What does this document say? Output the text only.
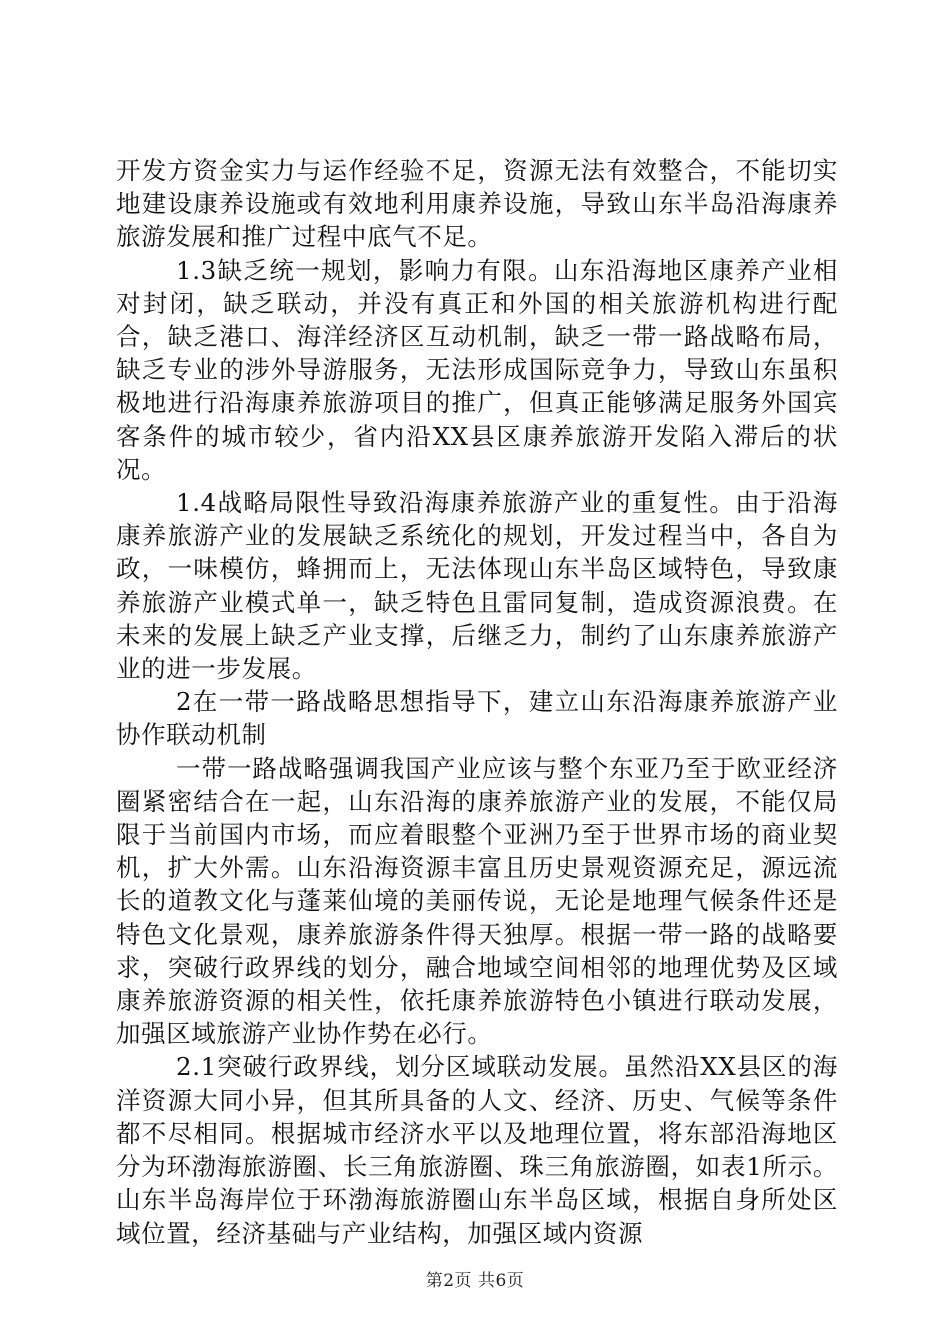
开发方资金实力与运作经验不足，资源无法有效整合，不能切实地建设康养设施或有效地利用康养设施，导致山东半岛沿海康养旅游发展和推广过程中底气不足。

1.3缺乏统一规划，影响力有限。山东沿海地区康养产业相对封闭，缺乏联动，并没有真正和外国的相关旅游机构进行配合，缺乏港口、海洋经济区互动机制，缺乏一带一路战略布局，缺乏专业的涉外导游服务，无法形成国际竞争力，导致山东虽积极地进行沿海康养旅游项目的推广，但真正能够满足服务外国宾客条件的城市较少，省内沿XX县区康养旅游开发陷入滞后的状况。

1.4战略局限性导致沿海康养旅游产业的重复性。由于沿海康养旅游产业的发展缺乏系统化的规划，开发过程当中，各自为政，一味模仿，蜂拥而上，无法体现山东半岛区域特色，导致康养旅游产业模式单一，缺乏特色且雷同复制，造成资源浪费。在未来的发展上缺乏产业支撑，后继乏力，制约了山东康养旅游产业的进一步发展。

2在一带一路战略思想指导下，建立山东沿海康养旅游产业协作联动机制

一带一路战略强调我国产业应该与整个东亚乃至于欧亚经济圈紧密结合在一起，山东沿海的康养旅游产业的发展，不能仅局限于当前国内市场，而应着眼整个亚洲乃至于世界市场的商业契机，扩大外需。山东沿海资源丰富且历史景观资源充足，源远流长的道教文化与蓬莱仙境的美丽传说，无论是地理气候条件还是特色文化景观，康养旅游条件得天独厚。根据一带一路的战略要求，突破行政界线的划分，融合地域空间相邻的地理优势及区域康养旅游资源的相关性，依托康养旅游特色小镇进行联动发展，加强区域旅游产业协作势在必行。

2.1突破行政界线，划分区域联动发展。虽然沿XX县区的海洋资源大同小异，但其所具备的人文、经济、历史、气候等条件都不尽相同。根据城市经济水平以及地理位置，将东部沿海地区分为环渤海旅游圈、长三角旅游圈、珠三角旅游圈，如表1所示。山东半岛海岸位于环渤海旅游圈山东半岛区域，根据自身所处区域位置，经济基础与产业结构，加强区域内资源

第2页 共6页
